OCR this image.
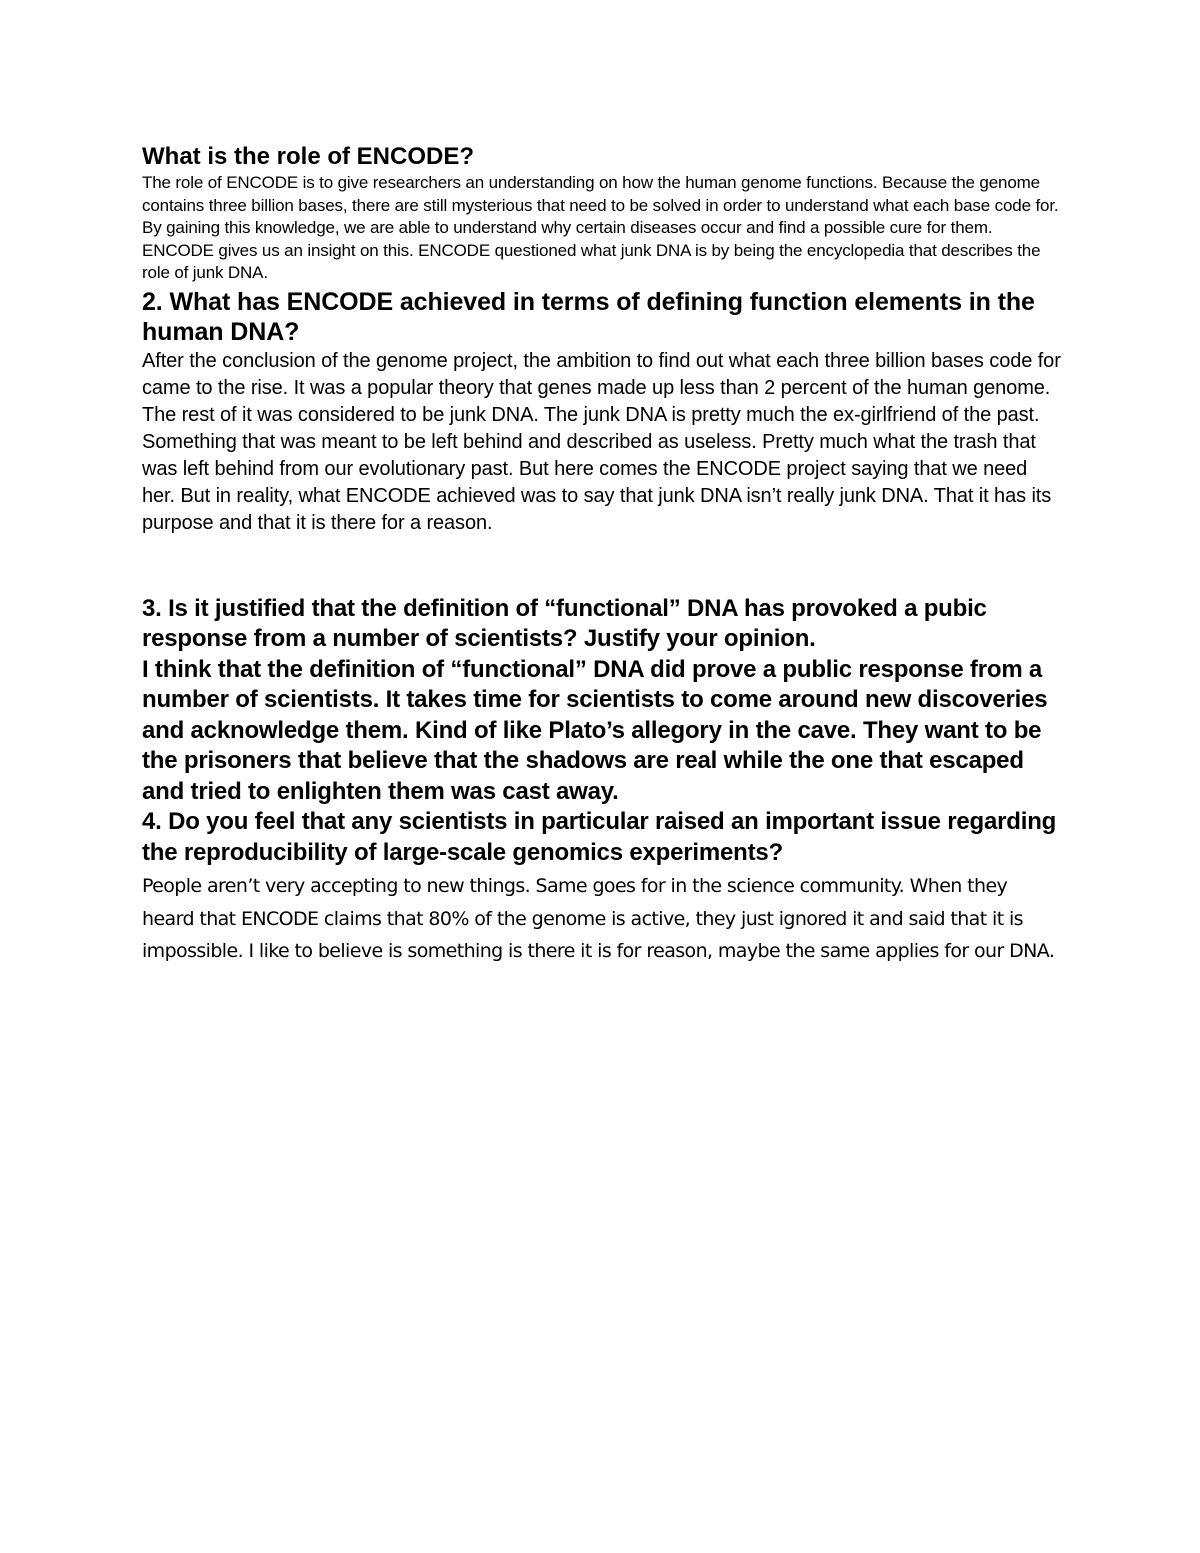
What is the role of ENCODE?

The role of ENCODE is to give researchers an understanding on how the human genome functions. Because the genome contains three billion bases, there are still mysterious that need to be solved in order to understand what each base code for. By gaining this knowledge, we are able to understand why certain diseases occur and find a possible cure for them. ENCODE gives us an insight on this. ENCODE questioned what junk DNA is by being the encyclopedia that describes the role of junk DNA.

2. What has ENCODE achieved in terms of defining function elements in the human DNA?

After the conclusion of the genome project, the ambition to find out what each three billion bases code for came to the rise. It was a popular theory that genes made up less than 2 percent of the human genome. The rest of it was considered to be junk DNA. The junk DNA is pretty much the ex-girlfriend of the past. Something that was meant to be left behind and described as useless. Pretty much what the trash that was left behind from our evolutionary past. But here comes the ENCODE project saying that we need her. But in reality, what ENCODE achieved was to say that junk DNA isn’t really junk DNA. That it has its purpose and that it is there for a reason.

3. Is it justified that the definition of “functional” DNA has provoked a pubic response from a number of scientists? Justify your opinion.

I think that the definition of “functional” DNA did prove a public response from a number of scientists. It takes time for scientists to come around new discoveries and acknowledge them. Kind of like Plato’s allegory in the cave. They want to be the prisoners that believe that the shadows are real while the one that escaped and tried to enlighten them was cast away.

4. Do you feel that any scientists in particular raised an important issue regarding the reproducibility of large-scale genomics experiments?

People aren’t very accepting to new things. Same goes for in the science community. When they heard that ENCODE claims that 80% of the genome is active, they just ignored it and said that it is impossible. I like to believe is something is there it is for reason, maybe the same applies for our DNA.
